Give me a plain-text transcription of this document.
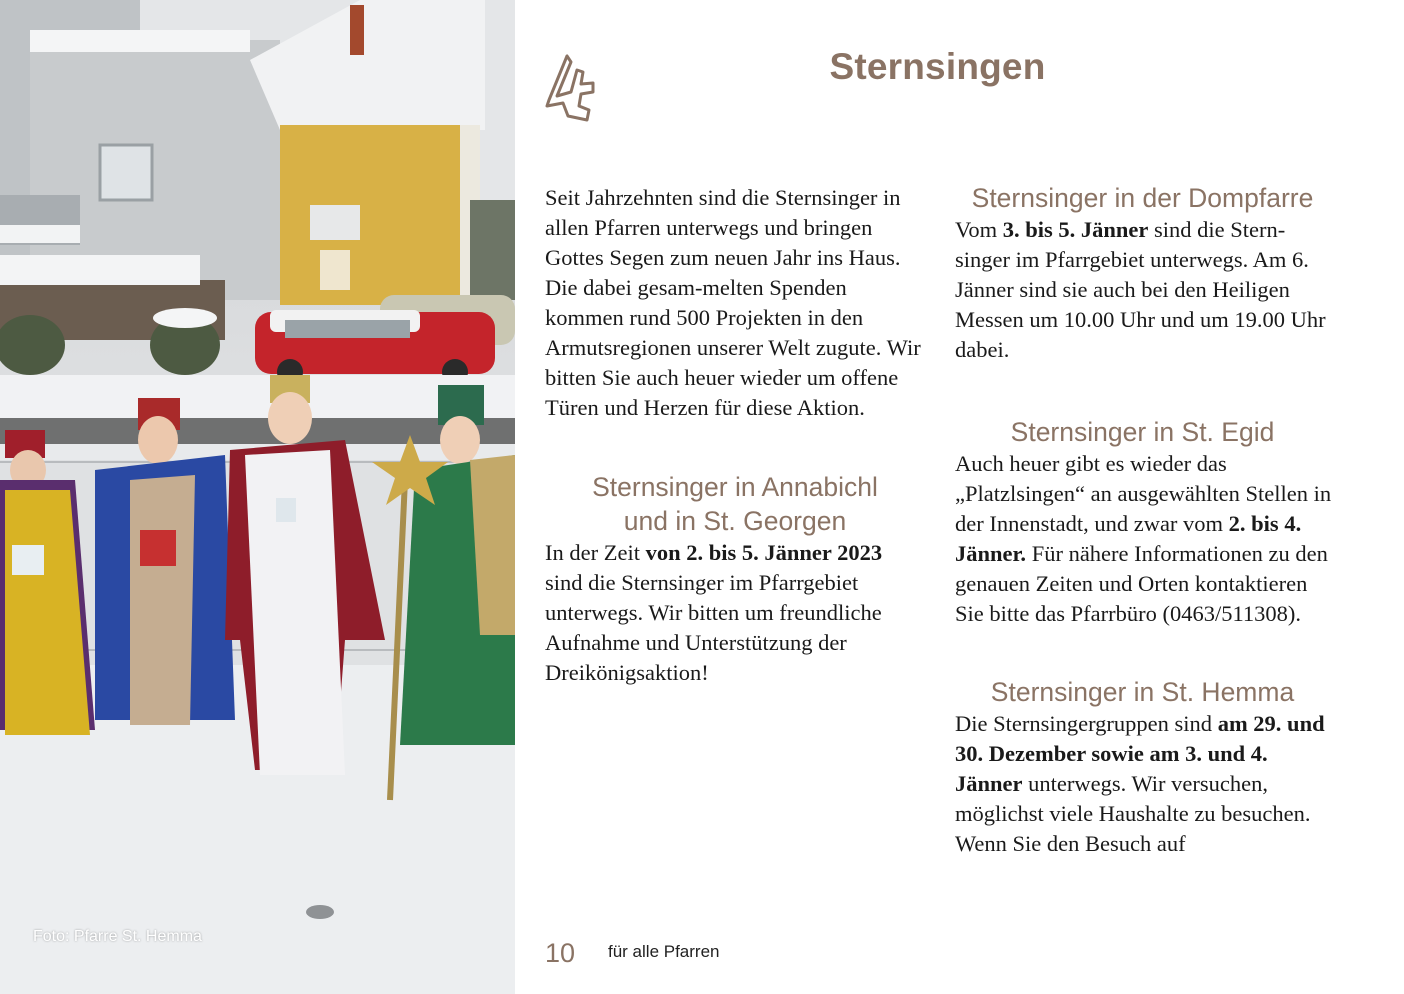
Foto: Pfarre St. Hemma
Sternsingen

Seit Jahrzehnten sind die Sternsinger in allen Pfarren unterwegs und bringen Gottes Segen zum neuen Jahr ins Haus. Die dabei gesam-melten Spenden kommen rund 500 Projekten in den Armutsregionen unserer Welt zugute. Wir bitten Sie auch heuer wieder um offene Türen und Herzen für diese Aktion.

Sternsinger in Annabichl
und in St. Georgen

In der Zeit von 2. bis 5. Jänner 2023 sind die Sternsinger im Pfarrgebiet unterwegs. Wir bitten um freundliche Aufnahme und Unterstützung der Dreikönigsaktion!

Sternsinger in der Dompfarre

Vom 3. bis 5. Jänner sind die Stern-singer im Pfarrgebiet unterwegs. Am 6. Jänner sind sie auch bei den Heiligen Messen um 10.00 Uhr und um 19.00 Uhr dabei.

Sternsinger in St. Egid

Auch heuer gibt es wieder das „Platzlsingen“ an ausgewählten Stellen in der Innenstadt, und zwar vom 2. bis 4. Jänner. Für nähere Informationen zu den genauen Zeiten und Orten kontaktieren Sie bitte das Pfarrbüro (0463/511308).

Sternsinger in St. Hemma

Die Sternsingergruppen sind am 29. und 30. Dezember sowie am 3. und 4. Jänner unterwegs. Wir versuchen, möglichst viele Haushalte zu besuchen. Wenn Sie den Besuch auf

10 für alle Pfarren
